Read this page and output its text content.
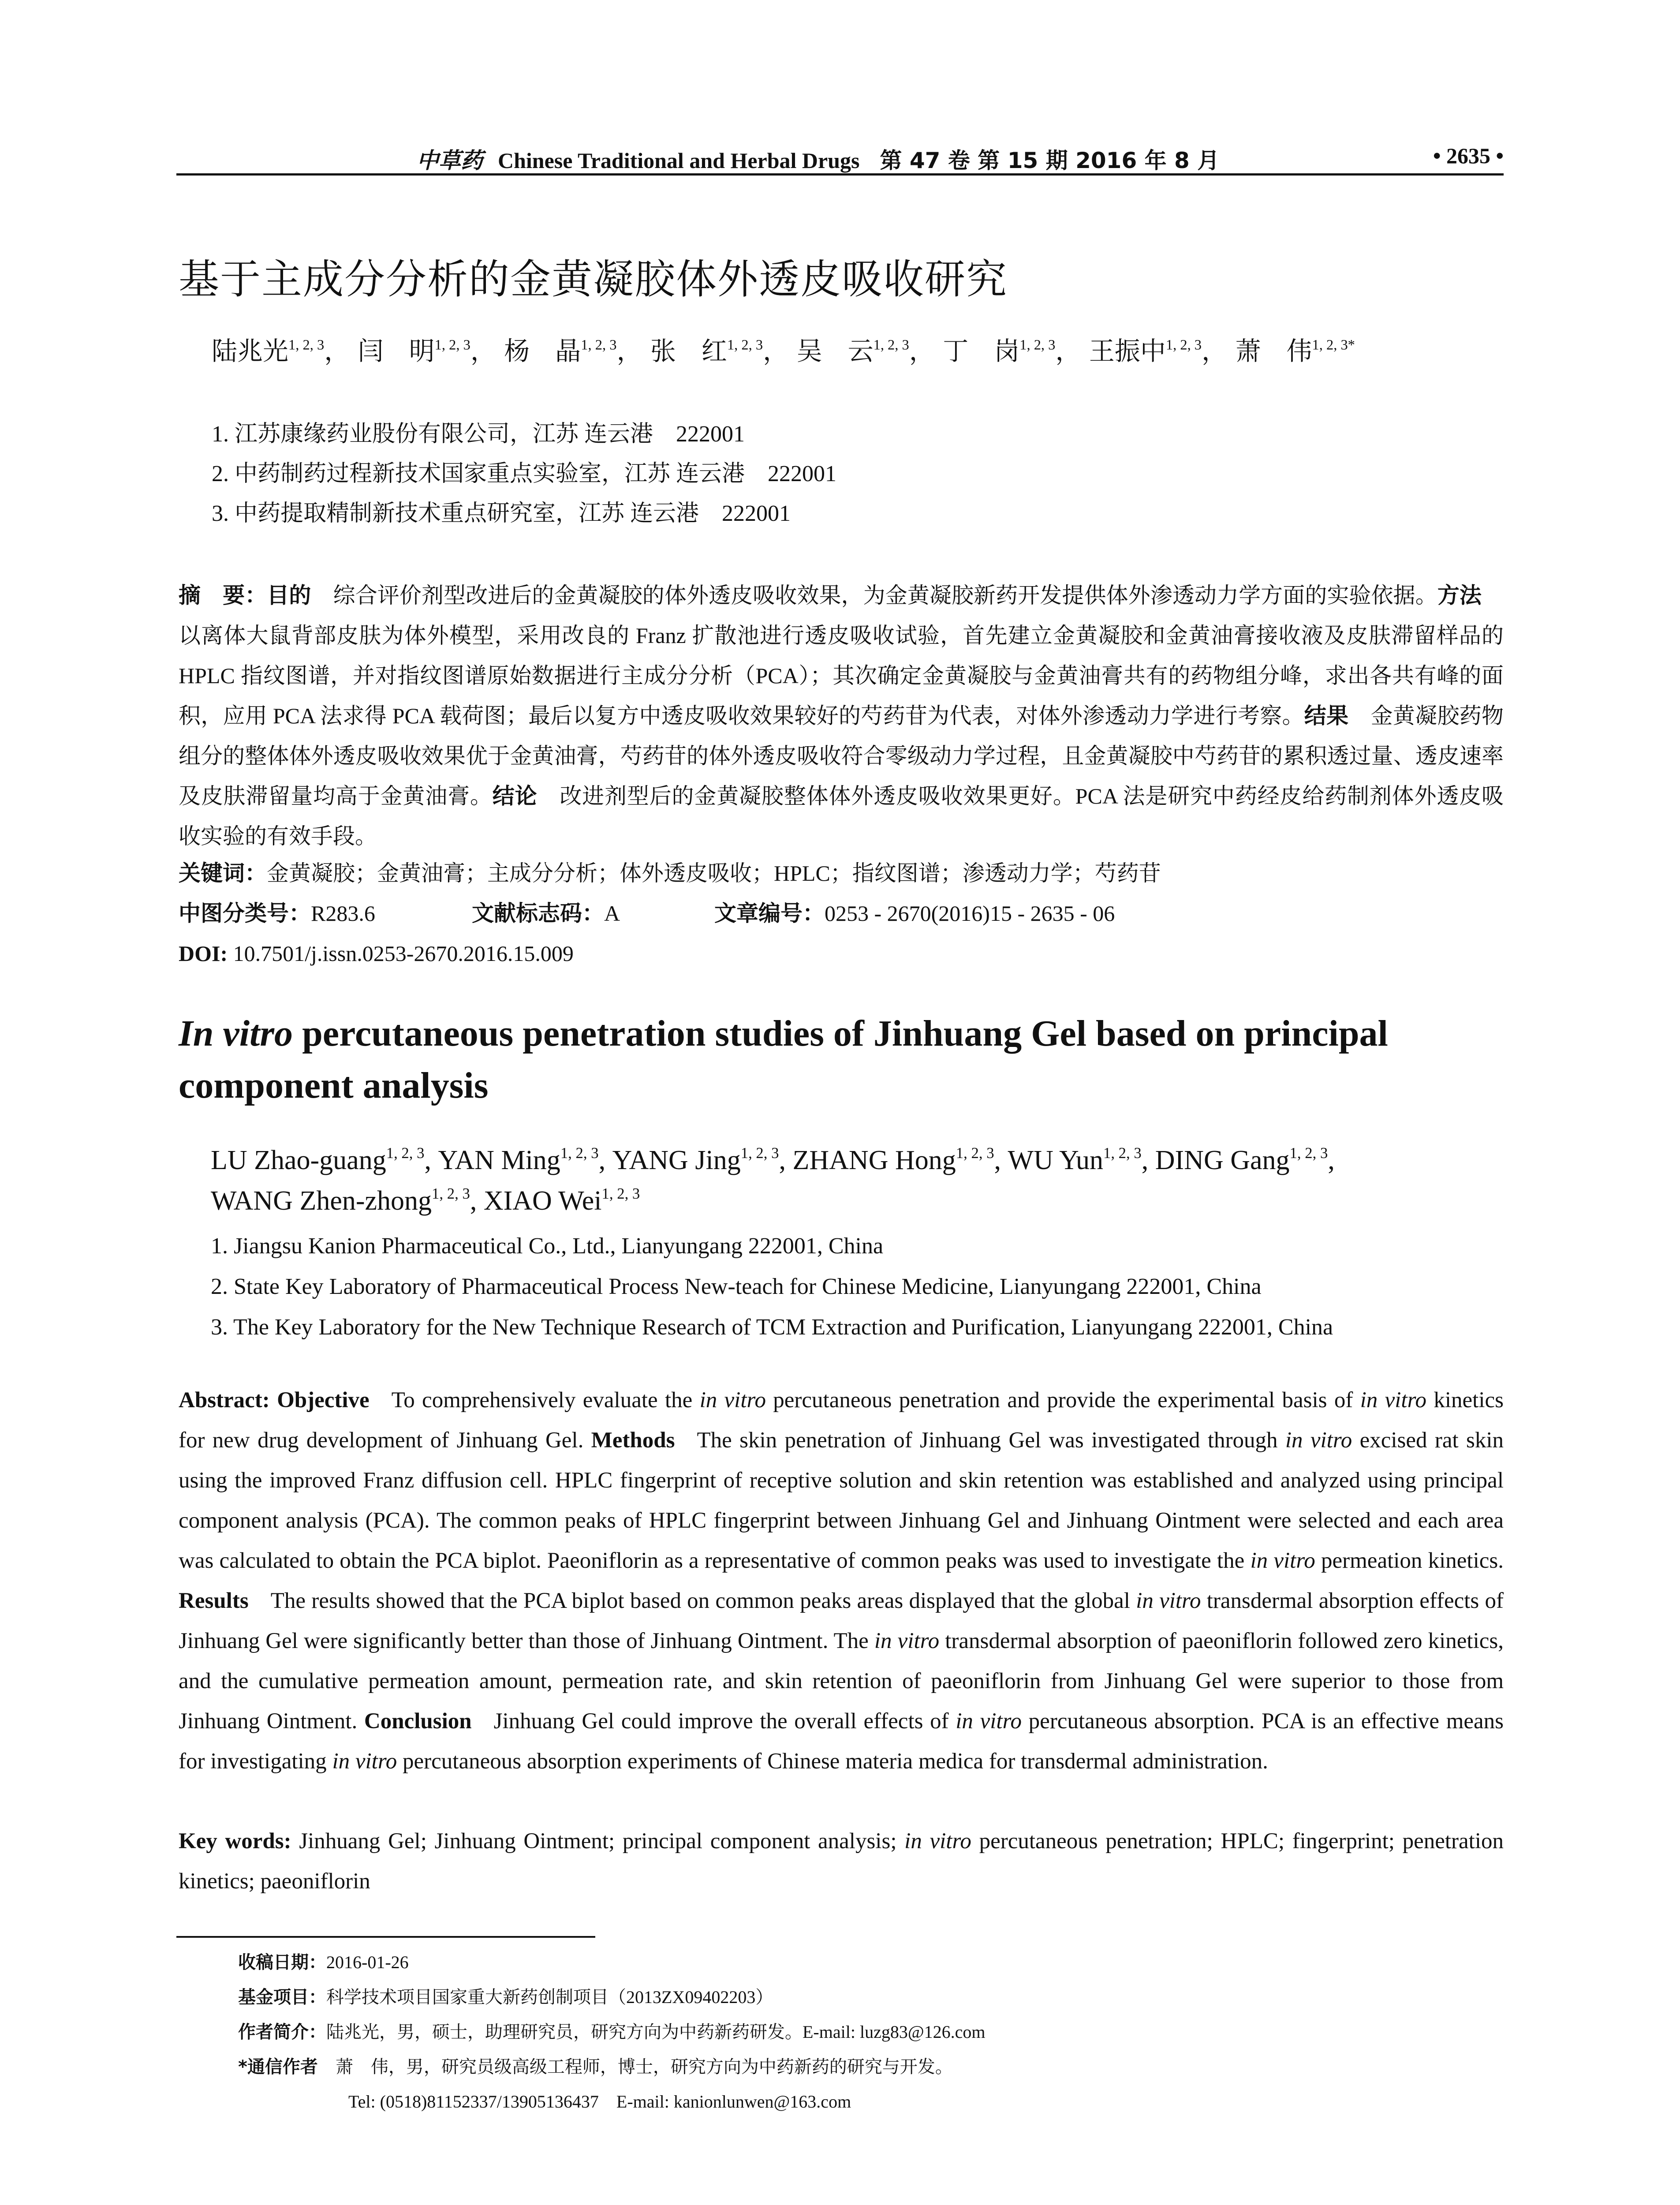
中草药 Chinese Traditional and Herbal Drugs 第 47 卷 第 15 期 2016 年 8 月	• 2635 •
基于主成分分析的金黄凝胶体外透皮吸收研究
陆兆光$^{1, 2, 3}$， 闫　明$^{1, 2, 3}$， 杨　晶$^{1, 2, 3}$， 张　红$^{1, 2, 3}$， 吴　云$^{1, 2, 3}$， 丁　岗$^{1, 2, 3}$， 王振中$^{1, 2, 3}$， 萧　伟$^{1, 2, 3*}$
1. 江苏康缘药业股份有限公司，江苏 连云港　222001
2. 中药制药过程新技术国家重点实验室，江苏 连云港　222001
3. 中药提取精制新技术重点研究室，江苏 连云港　222001
摘　要：目的 综合评价剂型改进后的金黄凝胶的体外透皮吸收效果，为金黄凝胶新药开发提供体外渗透动力学方面的实验依据。方法以离体大鼠背部皮肤为体外模型，采用改良的 Franz 扩散池进行透皮吸收试验，首先建立金黄凝胶和金黄油膏接收液及皮肤滞留样品的 HPLC 指纹图谱，并对指纹图谱原始数据进行主成分分析（PCA）；其次确定金黄凝胶与金黄油膏共有的药物组分峰，求出各共有峰的面积，应用 PCA 法求得 PCA 载荷图；最后以复方中透皮吸收效果较好的芍药苷为代表，对体外渗透动力学进行考察。结果 金黄凝胶药物组分的整体体外透皮吸收效果优于金黄油膏，芍药苷的体外透皮吸收符合零级动力学过程，且金黄凝胶中芍药苷的累积透过量、透皮速率及皮肤滞留量均高于金黄油膏。结论 改进剂型后的金黄凝胶整体体外透皮吸收效果更好。PCA 法是研究中药经皮给药制剂体外透皮吸收实验的有效手段。
关键词：金黄凝胶；金黄油膏；主成分分析；体外透皮吸收；HPLC；指纹图谱；渗透动力学；芍药苷
中图分类号：R283.6	文献标志码：A	文章编号：0253 - 2670(2016)15 - 2635 - 06
DOI: 10.7501/j.issn.0253-2670.2016.15.009
In vitro percutaneous penetration studies of Jinhuang Gel based on principal component analysis
LU Zhao-guang$^{1, 2, 3}$, YAN Ming$^{1, 2, 3}$, YANG Jing$^{1, 2, 3}$, ZHANG Hong$^{1, 2, 3}$, WU Yun$^{1, 2, 3}$, DING Gang$^{1, 2, 3}$, WANG Zhen-zhong$^{1, 2, 3}$, XIAO Wei$^{1, 2, 3}$
1. Jiangsu Kanion Pharmaceutical Co., Ltd., Lianyungang 222001, China
2. State Key Laboratory of Pharmaceutical Process New-teach for Chinese Medicine, Lianyungang 222001, China
3. The Key Laboratory for the New Technique Research of TCM Extraction and Purification, Lianyungang 222001, China
Abstract: Objective To comprehensively evaluate the in vitro percutaneous penetration and provide the experimental basis of in vitro kinetics for new drug development of Jinhuang Gel. Methods The skin penetration of Jinhuang Gel was investigated through in vitro excised rat skin using the improved Franz diffusion cell. HPLC fingerprint of receptive solution and skin retention was established and analyzed using principal component analysis (PCA). The common peaks of HPLC fingerprint between Jinhuang Gel and Jinhuang Ointment were selected and each area was calculated to obtain the PCA biplot. Paeoniflorin as a representative of common peaks was used to investigate the in vitro permeation kinetics. Results The results showed that the PCA biplot based on common peaks areas displayed that the global in vitro transdermal absorption effects of Jinhuang Gel were significantly better than those of Jinhuang Ointment. The in vitro transdermal absorption of paeoniflorin followed zero kinetics, and the cumulative permeation amount, permeation rate, and skin retention of paeoniflorin from Jinhuang Gel were superior to those from Jinhuang Ointment. Conclusion Jinhuang Gel could improve the overall effects of in vitro percutaneous absorption. PCA is an effective means for investigating in vitro percutaneous absorption experiments of Chinese materia medica for transdermal administration.
Key words: Jinhuang Gel; Jinhuang Ointment; principal component analysis; in vitro percutaneous penetration; HPLC; fingerprint; penetration kinetics; paeoniflorin
收稿日期：2016-01-26
基金项目：科学技术项目国家重大新药创制项目（2013ZX09402203）
作者简介：陆兆光，男，硕士，助理研究员，研究方向为中药新药研发。E-mail: luzg83@126.com
*通信作者　 萧　伟，男，研究员级高级工程师，博士，研究方向为中药新药的研究与开发。
Tel: (0518)81152337/13905136437　E-mail: kanionlunwen@163.com
